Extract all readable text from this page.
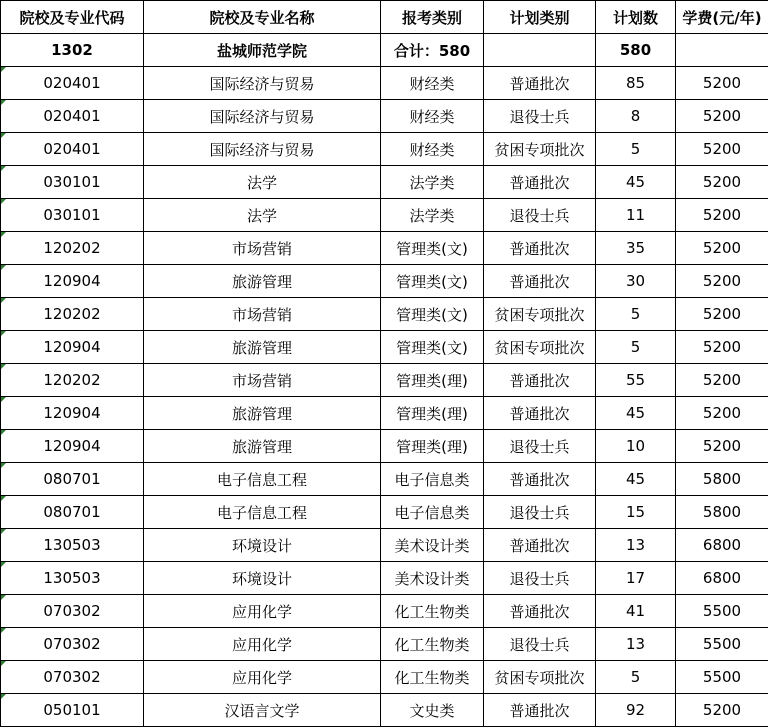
院校及专业代码	院校及专业名称	报考类别	计划类别	计划数	学费(元/年)
1302	盐城师范学院	合计：580		580	
020401	国际经济与贸易	财经类	普通批次	85	5200
020401	国际经济与贸易	财经类	退役士兵	8	5200
020401	国际经济与贸易	财经类	贫困专项批次	5	5200
030101	法学	法学类	普通批次	45	5200
030101	法学	法学类	退役士兵	11	5200
120202	市场营销	管理类(文)	普通批次	35	5200
120904	旅游管理	管理类(文)	普通批次	30	5200
120202	市场营销	管理类(文)	贫困专项批次	5	5200
120904	旅游管理	管理类(文)	贫困专项批次	5	5200
120202	市场营销	管理类(理)	普通批次	55	5200
120904	旅游管理	管理类(理)	普通批次	45	5200
120904	旅游管理	管理类(理)	退役士兵	10	5200
080701	电子信息工程	电子信息类	普通批次	45	5800
080701	电子信息工程	电子信息类	退役士兵	15	5800
130503	环境设计	美术设计类	普通批次	13	6800
130503	环境设计	美术设计类	退役士兵	17	6800
070302	应用化学	化工生物类	普通批次	41	5500
070302	应用化学	化工生物类	退役士兵	13	5500
070302	应用化学	化工生物类	贫困专项批次	5	5500
050101	汉语言文学	文史类	普通批次	92	5200
